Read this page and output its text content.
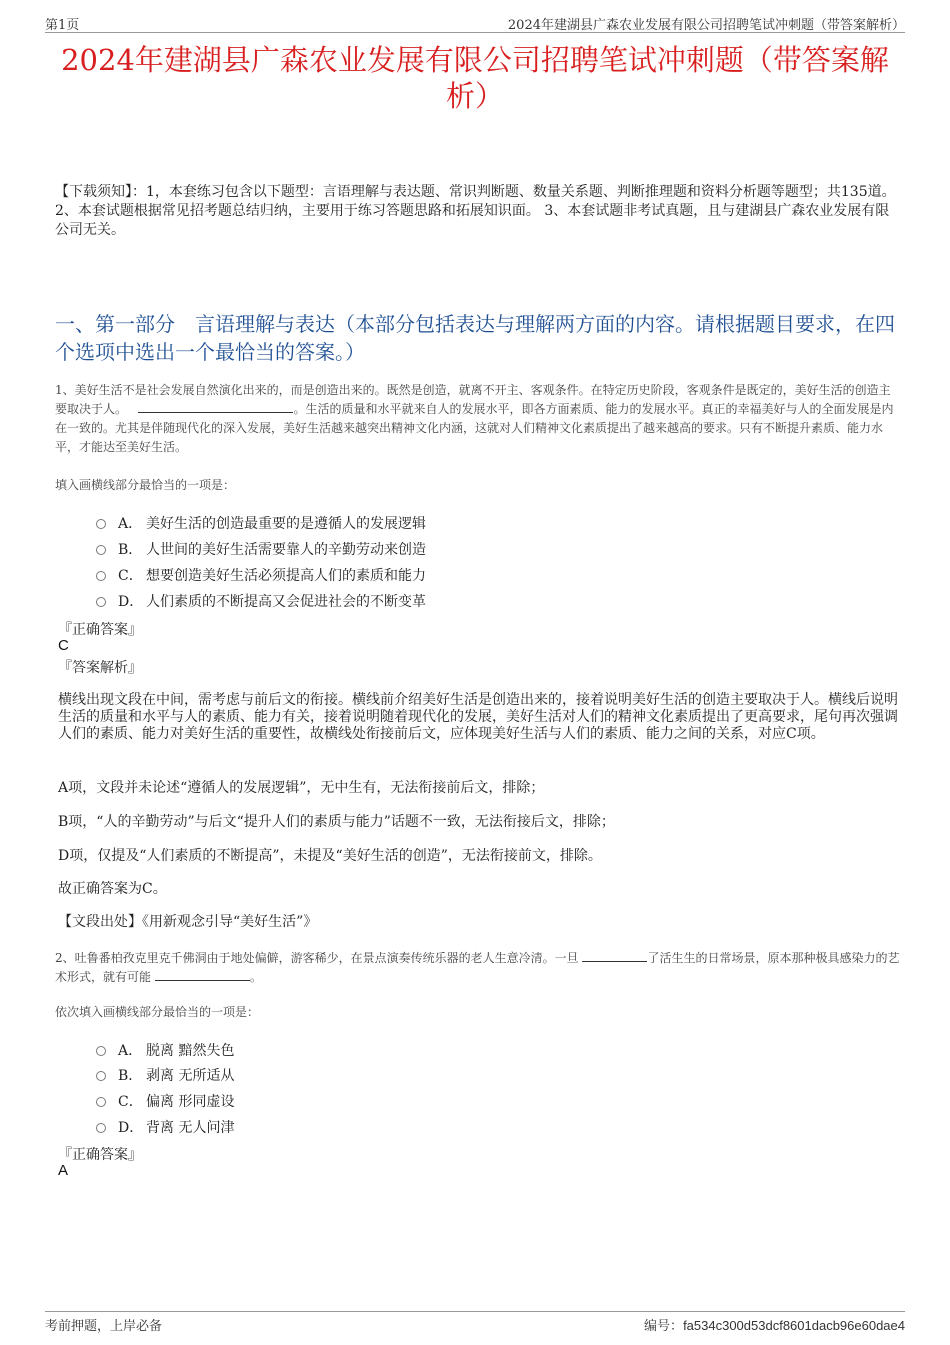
第1页	2024年建湖县广森农业发展有限公司招聘笔试冲刺题（带答案解析）
2024年建湖县广森农业发展有限公司招聘笔试冲刺题（带答案解析）
【下载须知】：1，本套练习包含以下题型：言语理解与表达题、常识判断题、数量关系题、判断推理题和资料分析题等题型；共135道。 2、本套试题根据常见招考题总结归纳，主要用于练习答题思路和拓展知识面。 3、本套试题非考试真题，且与建湖县广森农业发展有限公司无关。
一、第一部分　言语理解与表达（本部分包括表达与理解两方面的内容。请根据题目要求，在四个选项中选出一个最恰当的答案。）
1、美好生活不是社会发展自然演化出来的，而是创造出来的。既然是创造，就离不开主、客观条件。在特定历史阶段，客观条件是既定的，美好生活的创造主要取决于人。	。生活的质量和水平就来自人的发展水平，即各方面素质、能力的发展水平。真正的幸福美好与人的全面发展是内在一致的。尤其是伴随现代化的深入发展，美好生活越来越突出精神文化内涵，这就对人们精神文化素质提出了越来越高的要求。只有不断提升素质、能力水平，才能达至美好生活。
填入画横线部分最恰当的一项是：
A． 美好生活的创造最重要的是遵循人的发展逻辑
B． 人世间的美好生活需要靠人的辛勤劳动来创造
C． 想要创造美好生活必须提高人们的素质和能力
D． 人们素质的不断提高又会促进社会的不断变革
『正确答案』
C
『答案解析』
横线出现文段在中间，需考虑与前后文的衔接。横线前介绍美好生活是创造出来的，接着说明美好生活的创造主要取决于人。横线后说明生活的质量和水平与人的素质、能力有关，接着说明随着现代化的发展，美好生活对人们的精神文化素质提出了更高要求，尾句再次强调人们的素质、能力对美好生活的重要性，故横线处衔接前后文，应体现美好生活与人们的素质、能力之间的关系，对应C项。
A项，文段并未论述“遵循人的发展逻辑”，无中生有，无法衔接前后文，排除；
B项，“人的辛勤劳动”与后文“提升人们的素质与能力”话题不一致，无法衔接后文，排除；
D项，仅提及“人们素质的不断提高”，未提及“美好生活的创造”，无法衔接前文，排除。
故正确答案为C。
【文段出处】《用新观念引导“美好生活”》
2、吐鲁番柏孜克里克千佛洞由于地处偏僻，游客稀少，在景点演奏传统乐器的老人生意冷清。一旦	了活生生的日常场景，原本那种极具感染力的艺术形式，就有可能	。
依次填入画横线部分最恰当的一项是：
A． 脱离 黯然失色
B． 剥离 无所适从
C． 偏离 形同虚设
D． 背离 无人问津
『正确答案』
A
考前押题，上岸必备	编号：fa534c300d53dcf8601dacb96e60dae4
